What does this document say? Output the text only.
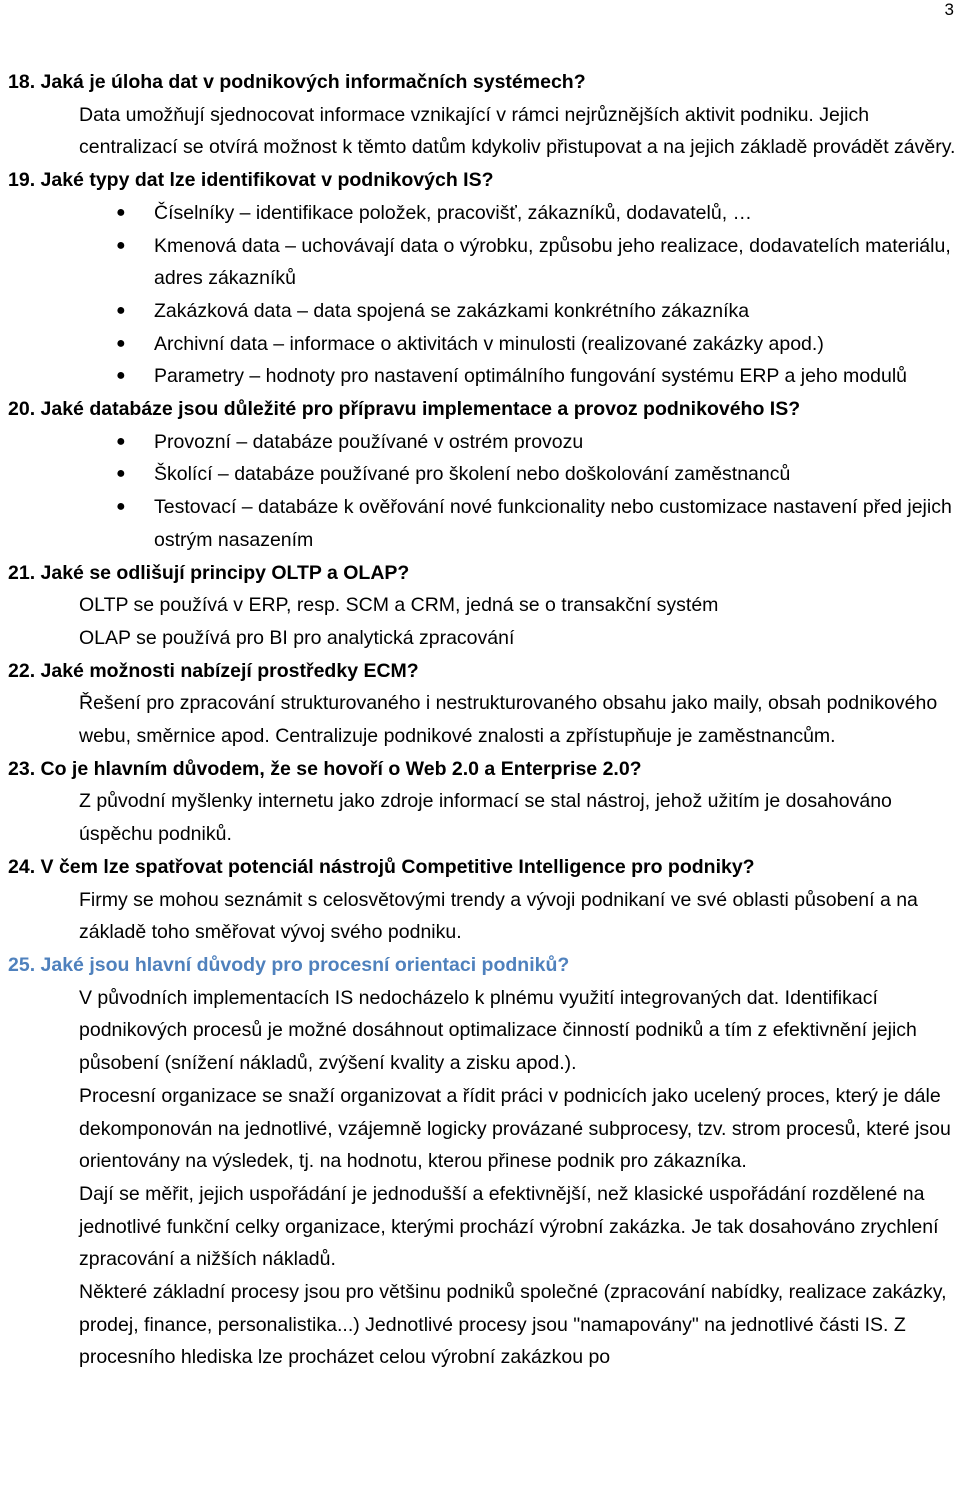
3

18. Jaká je úloha dat v podnikových informačních systémech?

Data umožňují sjednocovat informace vznikající v rámci nejrůznějších aktivit podniku. Jejich centralizací se otvírá možnost k těmto datům kdykoliv přistupovat a na jejich základě provádět závěry.

19. Jaké typy dat lze identifikovat v podnikových IS?

● Číselníky – identifikace položek, pracovišť, zákazníků, dodavatelů, …
● Kmenová data – uchovávají data o výrobku, způsobu jeho realizace, dodavatelích materiálu, adres zákazníků
● Zakázková data – data spojená se zakázkami konkrétního zákazníka
● Archivní data – informace o aktivitách v minulosti (realizované zakázky apod.)
● Parametry – hodnoty pro nastavení optimálního fungování systému ERP a jeho modulů

20. Jaké databáze jsou důležité pro přípravu implementace a provoz podnikového IS?

● Provozní – databáze používané v ostrém provozu
● Školící – databáze používané pro školení nebo doškolování zaměstnanců
● Testovací – databáze k ověřování nové funkcionality nebo customizace nastavení před jejich ostrým nasazením

21. Jaké se odlišují principy OLTP a OLAP?

OLTP se používá v ERP, resp. SCM a CRM, jedná se o transakční systém

OLAP se používá pro BI pro analytická zpracování

22. Jaké možnosti nabízejí prostředky ECM?

Řešení pro zpracování strukturovaného i nestrukturovaného obsahu jako maily, obsah podnikového webu, směrnice apod. Centralizuje podnikové znalosti a zpřístupňuje je zaměstnancům.

23. Co je hlavním důvodem, že se hovoří o Web 2.0 a Enterprise 2.0?

Z původní myšlenky internetu jako zdroje informací se stal nástroj, jehož užitím je dosahováno úspěchu podniků.

24. V čem lze spatřovat potenciál nástrojů Competitive Intelligence pro podniky?

Firmy se mohou seznámit s celosvětovými trendy a vývoji podnikaní ve své oblasti působení a na základě toho směřovat vývoj svého podniku.

25. Jaké jsou hlavní důvody pro procesní orientaci podniků?

V původních implementacích IS nedocházelo k plnému využití integrovaných dat. Identifikací podnikových procesů je možné dosáhnout optimalizace činností podniků a tím z efektivnění jejich působení (snížení nákladů, zvýšení kvality a zisku apod.).

Procesní organizace se snaží organizovat a řídit práci v podnicích jako ucelený proces, který je dále dekomponován na jednotlivé, vzájemně logicky provázané subprocesy, tzv. strom procesů, které jsou orientovány na výsledek, tj. na hodnotu, kterou přinese podnik pro zákazníka.

Dají se měřit, jejich uspořádání je jednodušší a efektivnější, než klasické uspořádání rozdělené na jednotlivé funkční celky organizace, kterými prochází výrobní zakázka. Je tak dosahováno zrychlení zpracování a nižších nákladů.

Některé základní procesy jsou pro většinu podniků společné (zpracování nabídky, realizace zakázky, prodej, finance, personalistika...) Jednotlivé procesy jsou "namapovány" na jednotlivé části IS. Z procesního hlediska lze procházet celou výrobní zakázkou po
